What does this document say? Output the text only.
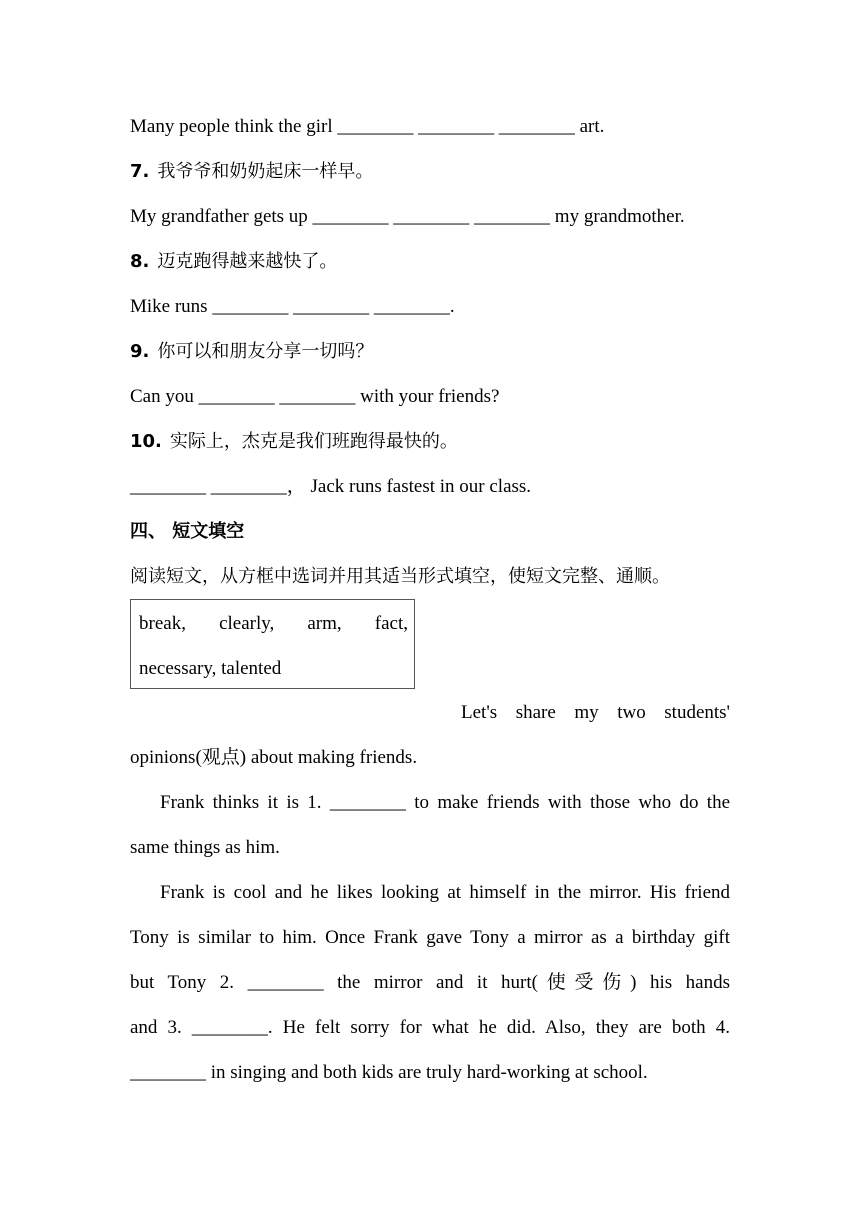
Many people think the girl ________ ________ ________ art.
7. 我爷爷和奶奶起床一样早。
My grandfather gets up ________ ________ ________ my grandmother.
8. 迈克跑得越来越快了。
Mike runs ________ ________ ________.
9. 你可以和朋友分享一切吗？
Can you ________ ________ with your friends?
10. 实际上，杰克是我们班跑得最快的。
________ ________， Jack runs fastest in our class.
四、 短文填空
阅读短文，从方框中选词并用其适当形式填空，使短文完整、通顺。
break, clearly, arm, fact,
necessary, talented
Let's share my two students'
opinions(观点) about making friends.
Frank thinks it is 1. ________ to make friends with those who do the
same things as him.
Frank is cool and he likes looking at himself in the mirror. His friend
Tony is similar to him. Once Frank gave Tony a mirror as a birthday gift
but Tony 2. ________ the mirror and it hurt(使受伤) his hands
and 3. ________. He felt sorry for what he did. Also, they are both 4.
________ in singing and both kids are truly hard-working at school.
